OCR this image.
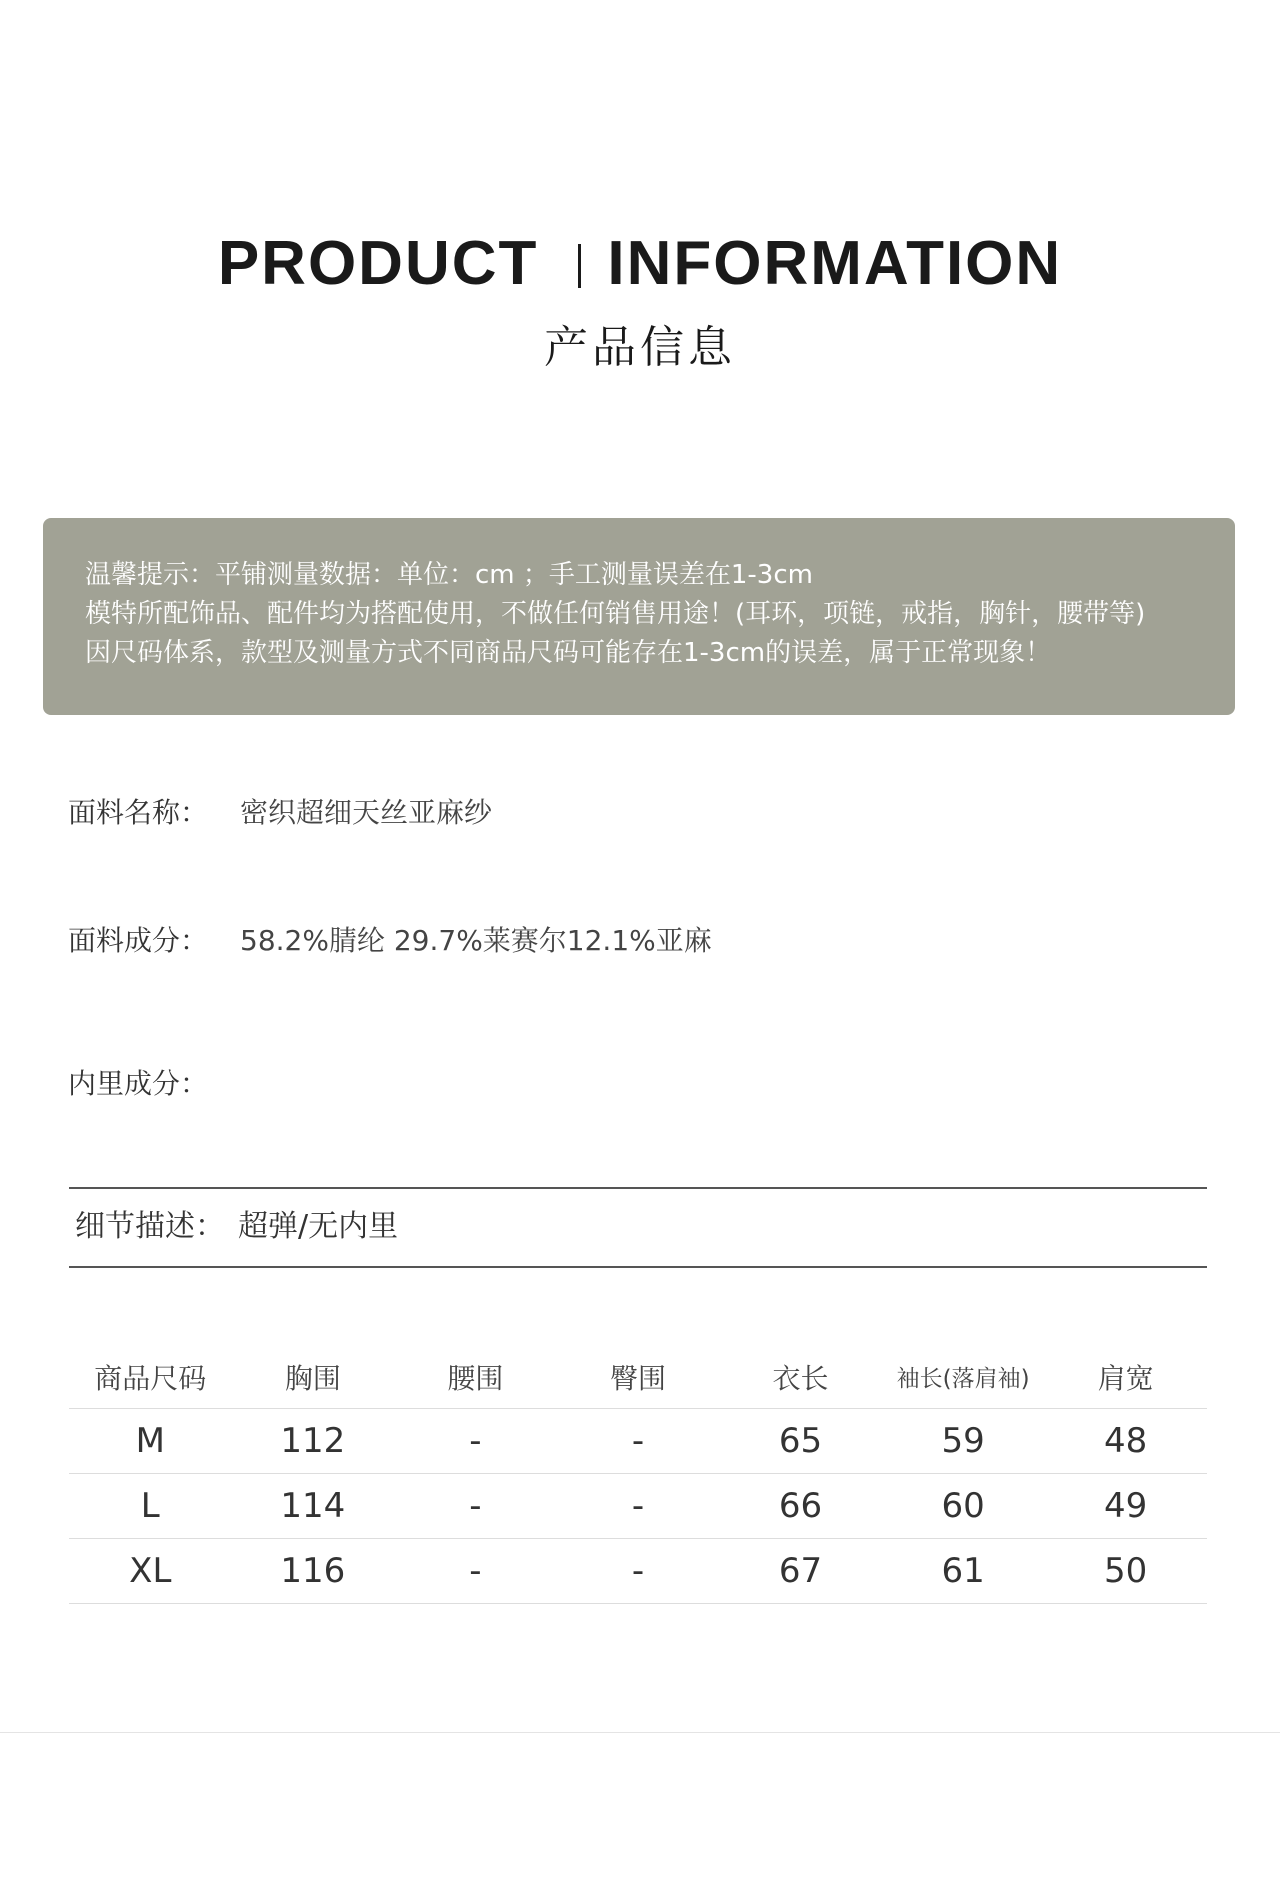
PRODUCT INFORMATION
产品信息

温馨提示：平铺测量数据：单位：cm ；手工测量误差在1-3cm

模特所配饰品、配件均为搭配使用，不做任何销售用途！(耳环，项链，戒指，胸针，腰带等)

因尺码体系，款型及测量方式不同商品尺码可能存在1-3cm的误差，属于正常现象！

面料名称： 密织超细天丝亚麻纱
面料成分： 58.2%腈纶 29.7%莱赛尔12.1%亚麻
内里成分：
细节描述： 超弹/无内里
商品尺码	胸围	腰围	臀围	衣长	袖长(落肩袖)	肩宽
M	112	-	-	65	59	48
L	114	-	-	66	60	49
XL	116	-	-	67	61	50
